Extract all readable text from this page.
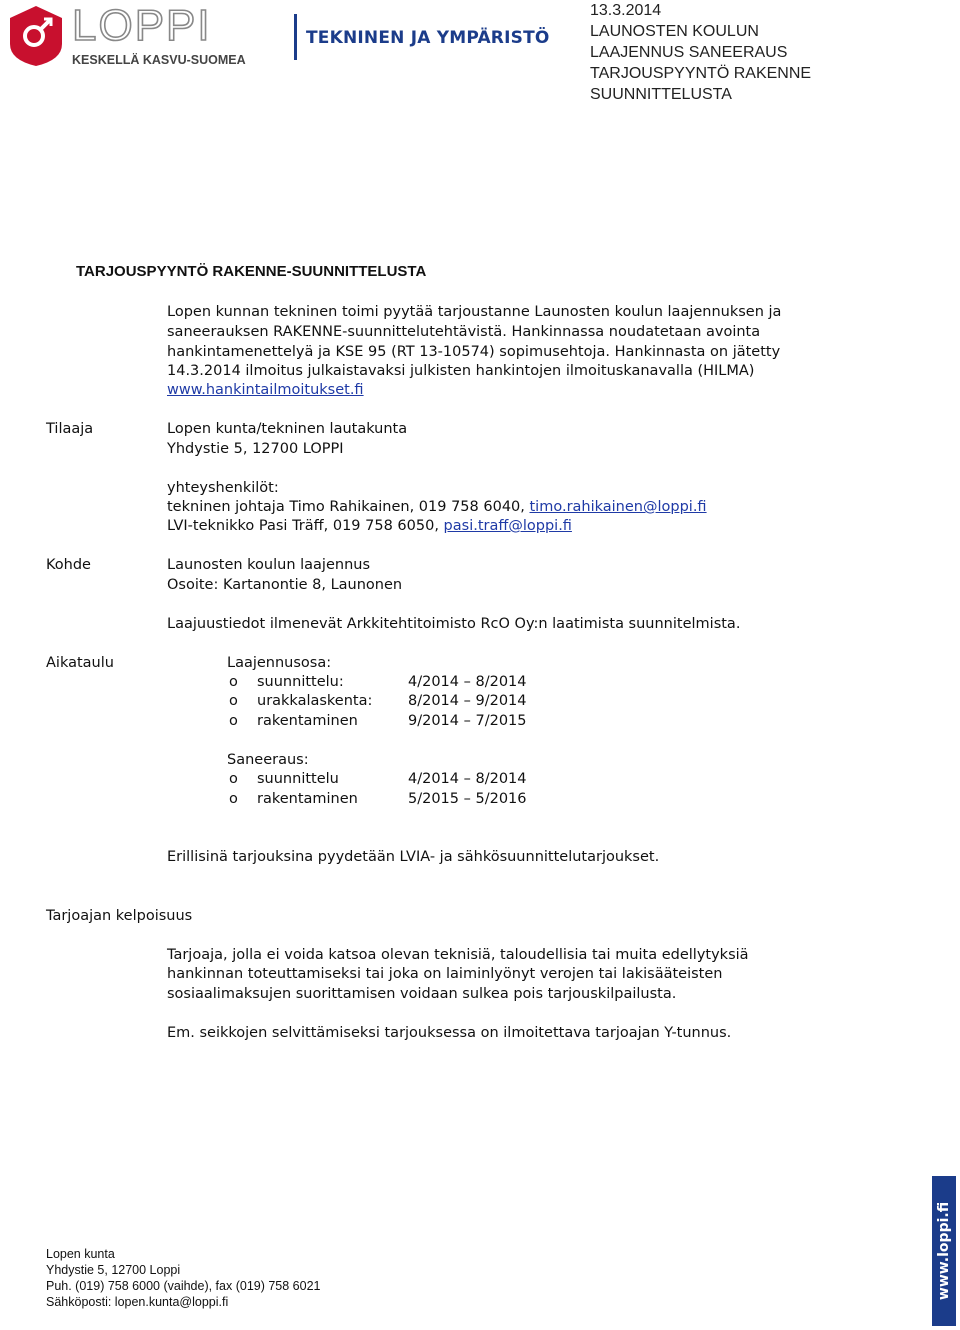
LOPPI
KESKELLÄ KASVU-SUOMEA
TEKNINEN JA YMPÄRISTÖ
13.3.2014
LAUNOSTEN KOULUN
LAAJENNUS SANEERAUS
TARJOUSPYYNTÖ RAKENNE
SUUNNITTELUSTA
TARJOUSPYYNTÖ RAKENNE-SUUNNITTELUSTA
Lopen kunnan tekninen toimi pyytää tarjoustanne Launosten koulun laajennuksen ja
saneerauksen RAKENNE-suunnittelutehtävistä. Hankinnassa noudatetaan avointa
hankintamenettelyä ja KSE 95 (RT 13-10574) sopimusehtoja. Hankinnasta on jätetty
14.3.2014 ilmoitus julkaistavaksi julkisten hankintojen ilmoituskanavalla (HILMA)
www.hankintailmoitukset.fi
Tilaaja	Lopen kunta/tekninen lautakunta
Yhdystie 5, 12700 LOPPI
yhteyshenkilöt:
tekninen johtaja Timo Rahikainen, 019 758 6040, timo.rahikainen@loppi.fi
LVI-teknikko Pasi Träff, 019 758 6050, pasi.traff@loppi.fi
Kohde	Launosten koulun laajennus
Osoite: Kartanontie 8, Launonen
Laajuustiedot ilmenevät Arkkitehtitoimisto RcO Oy:n laatimista suunnitelmista.
Aikataulu	Laajennusosa:
o suunnittelu:	4/2014 – 8/2014
o urakkalaskenta: 8/2014 – 9/2014
o rakentaminen	9/2014 – 7/2015
Saneeraus:
o suunnittelu	4/2014 – 8/2014
o rakentaminen	5/2015 – 5/2016
Erillisinä tarjouksina pyydetään LVIA- ja sähkösuunnittelutarjoukset.
Tarjoajan kelpoisuus
Tarjoaja, jolla ei voida katsoa olevan teknisiä, taloudellisia tai muita edellytyksiä
hankinnan toteuttamiseksi tai joka on laiminlyönyt verojen tai lakisääteisten
sosiaalimaksujen suorittamisen voidaan sulkea pois tarjouskilpailusta.
Em. seikkojen selvittämiseksi tarjouksessa on ilmoitettava tarjoajan Y-tunnus.
Lopen kunta
Yhdystie 5, 12700 Loppi
Puh. (019) 758 6000 (vaihde), fax (019) 758 6021
Sähköposti: lopen.kunta@loppi.fi
www.loppi.fi
